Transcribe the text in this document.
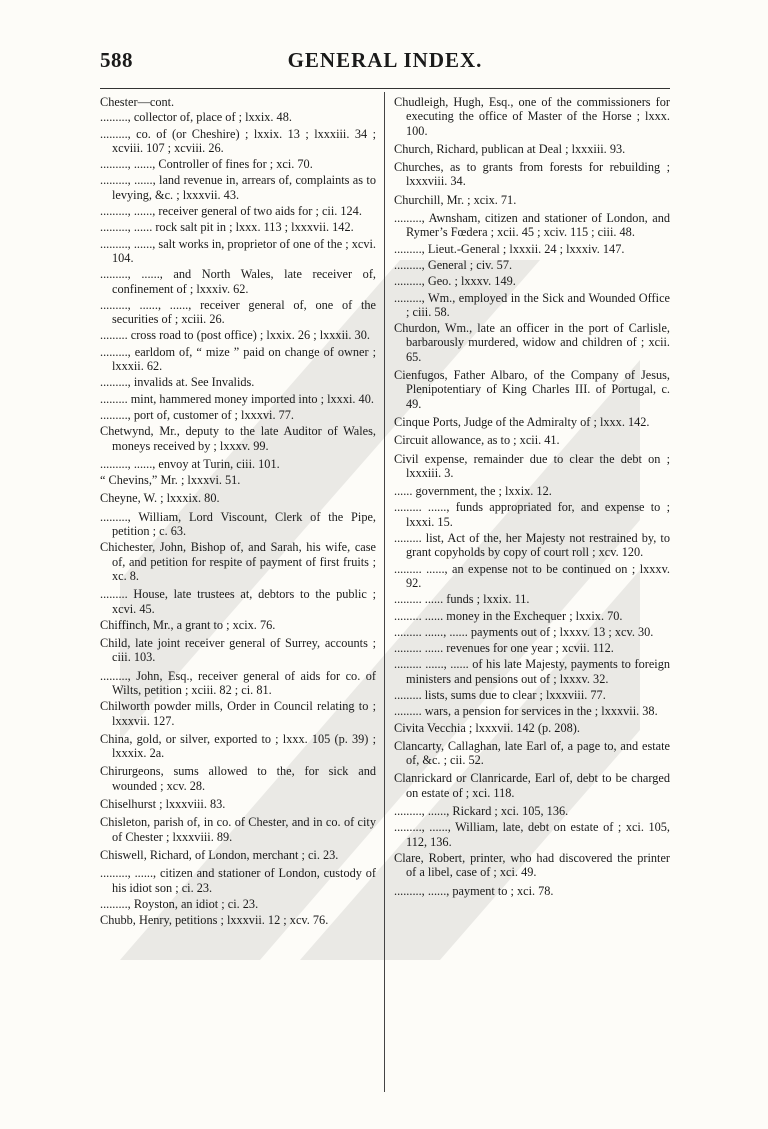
588	GENERAL INDEX.

Chester—cont.

........., collector of, place of ; lxxix. 48.

........., co. of (or Cheshire) ; lxxix. 13 ; lxxxiii. 34 ; xcviii. 107 ; xcviii. 26.

........., ......, Controller of fines for ; xci. 70.

........., ......, land revenue in, arrears of, complaints as to levying, &c. ; lxxxvii. 43.

........., ......, receiver general of two aids for ; cii. 124.

........., ...... rock salt pit in ; lxxx. 113 ; lxxxvii. 142.

........., ......, salt works in, proprietor of one of the ; xcvi. 104.

........., ......, and North Wales, late receiver of, confinement of ; lxxxiv. 62.

........., ......, ......, receiver general of, one of the securities of ; xciii. 26.

......... cross road to (post office) ; lxxix. 26 ; lxxxii. 30.

........., earldom of, “ mize ” paid on change of owner ; lxxxii. 62.

........., invalids at. See Invalids.

......... mint, hammered money imported into ; lxxxi. 40.

........., port of, customer of ; lxxxvi. 77.

Chetwynd, Mr., deputy to the late Auditor of Wales, moneys received by ; lxxxv. 99.

........., ......, envoy at Turin, ciii. 101.

“ Chevins,” Mr. ; lxxxvi. 51.

Cheyne, W. ; lxxxix. 80.

........., William, Lord Viscount, Clerk of the Pipe, petition ; c. 63.

Chichester, John, Bishop of, and Sarah, his wife, case of, and petition for respite of payment of first fruits ; xc. 8.

......... House, late trustees at, debtors to the public ; xcvi. 45.

Chiffinch, Mr., a grant to ; xcix. 76.

Child, late joint receiver general of Surrey, accounts ; ciii. 103.

........., John, Esq., receiver general of aids for co. of Wilts, petition ; xciii. 82 ; ci. 81.

Chilworth powder mills, Order in Council relating to ; lxxxvii. 127.

China, gold, or silver, exported to ; lxxx. 105 (p. 39) ; lxxxix. 2a.

Chirurgeons, sums allowed to the, for sick and wounded ; xcv. 28.

Chiselhurst ; lxxxviii. 83.

Chisleton, parish of, in co. of Chester, and in co. of city of Chester ; lxxxviii. 89.

Chiswell, Richard, of London, merchant ; ci. 23.

........., ......, citizen and stationer of London, custody of his idiot son ; ci. 23.

........., Royston, an idiot ; ci. 23.

Chubb, Henry, petitions ; lxxxvii. 12 ; xcv. 76.

Chudleigh, Hugh, Esq., one of the commissioners for executing the office of Master of the Horse ; lxxx. 100.

Church, Richard, publican at Deal ; lxxxiii. 93.

Churches, as to grants from forests for rebuilding ; lxxxviii. 34.

Churchill, Mr. ; xcix. 71.

........., Awnsham, citizen and stationer of London, and Rymer’s Fœdera ; xcii. 45 ; xciv. 115 ; ciii. 48.

........., Lieut.-General ; lxxxii. 24 ; lxxxiv. 147.

........., General ; civ. 57.

........., Geo. ; lxxxv. 149.

........., Wm., employed in the Sick and Wounded Office ; ciii. 58.

Churdon, Wm., late an officer in the port of Carlisle, barbarously murdered, widow and children of ; xcii. 65.

Cienfugos, Father Albaro, of the Company of Jesus, Plenipotentiary of King Charles III. of Portugal, c. 49.

Cinque Ports, Judge of the Admiralty of ; lxxx. 142.

Circuit allowance, as to ; xcii. 41.

Civil expense, remainder due to clear the debt on ; lxxxiii. 3.

...... government, the ; lxxix. 12.

......... ......, funds appropriated for, and expense to ; lxxxi. 15.

......... list, Act of the, her Majesty not restrained by, to grant copyholds by copy of court roll ; xcv. 120.

......... ......, an expense not to be continued on ; lxxxv. 92.

......... ...... funds ; lxxix. 11.

......... ...... money in the Exchequer ; lxxix. 70.

......... ......, ...... payments out of ; lxxxv. 13 ; xcv. 30.

......... ...... revenues for one year ; xcvii. 112.

......... ......, ...... of his late Majesty, payments to foreign ministers and pensions out of ; lxxxv. 32.

......... lists, sums due to clear ; lxxxviii. 77.

......... wars, a pension for services in the ; lxxxvii. 38.

Civita Vecchia ; lxxxvii. 142 (p. 208).

Clancarty, Callaghan, late Earl of, a page to, and estate of, &c. ; cii. 52.

Clanrickard or Clanricarde, Earl of, debt to be charged on estate of ; xci. 118.

........., ......, Rickard ; xci. 105, 136.

........., ......, William, late, debt on estate of ; xci. 105, 112, 136.

Clare, Robert, printer, who had discovered the printer of a libel, case of ; xci. 49.

........., ......, payment to ; xci. 78.
